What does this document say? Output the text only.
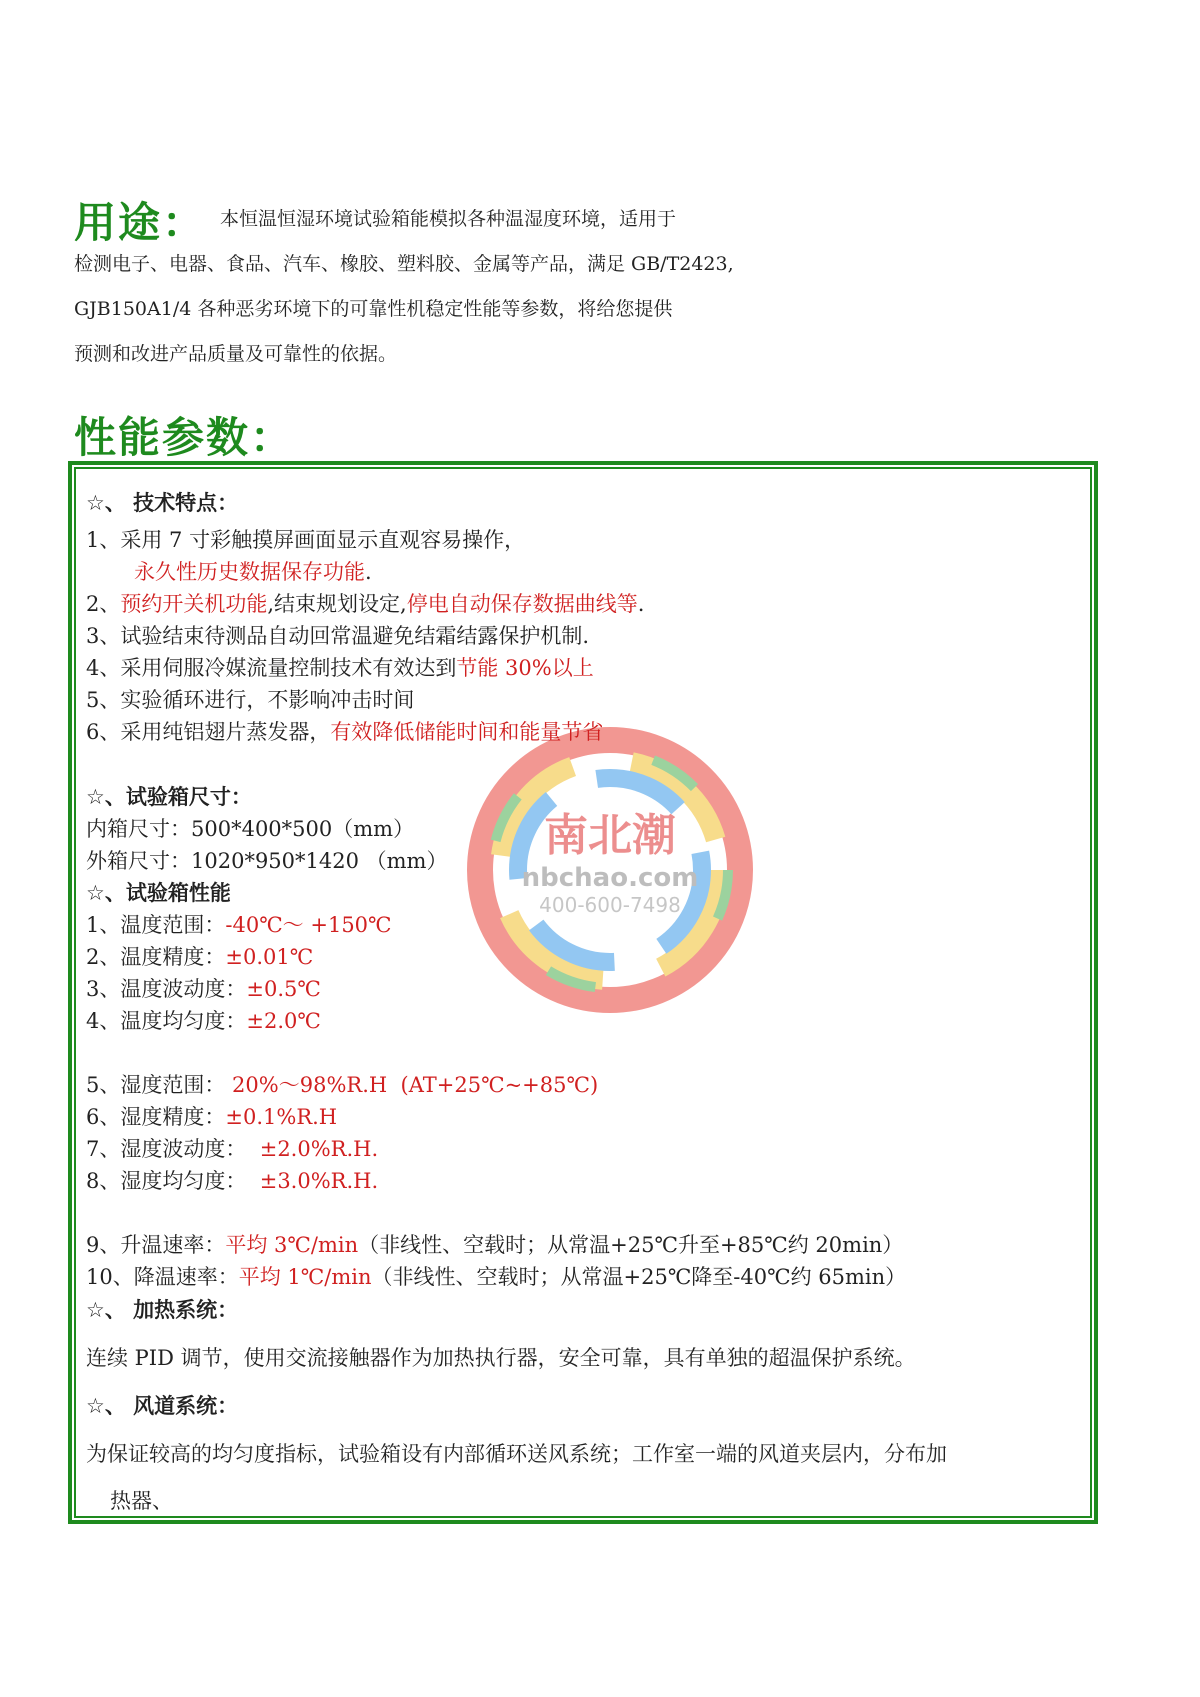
用途： 本恒温恒湿环境试验箱能模拟各种温湿度环境，适用于
检测电子、电器、食品、汽车、橡胶、塑料胶、金属等产品，满足 GB/T2423,
GJB150A1/4 各种恶劣环境下的可靠性机稳定性能等参数，将给您提供
预测和改进产品质量及可靠性的依据。
性能参数：
南北潮
nbchao.com
400-600-7498
☆、 技术特点：
1、采用 7 寸彩触摸屏画面显示直观容易操作，
永久性历史数据保存功能.
2、预约开关机功能,结束规划设定,停电自动保存数据曲线等.
3、试验结束待测品自动回常温避免结霜结露保护机制.
4、采用伺服冷媒流量控制技术有效达到节能 30%以上
5、实验循环进行，不影响冲击时间
6、采用纯铝翅片蒸发器，有效降低储能时间和能量节省
☆、试验箱尺寸：
内箱尺寸：500*400*500（mm）
外箱尺寸：1020*950*1420 （mm）
☆、试验箱性能
1、温度范围：-40℃～ +150℃
2、温度精度：±0.01℃
3、温度波动度：±0.5℃
4、温度均匀度：±2.0℃
5、湿度范围： 20%～98%R.H  (AT+25℃~+85℃)
6、湿度精度：±0.1%R.H
7、湿度波动度：  ±2.0%R.H.
8、湿度均匀度：  ±3.0%R.H.
9、升温速率：平均 3℃/min（非线性、空载时；从常温+25℃升至+85℃约 20min）
10、降温速率：平均 1℃/min（非线性、空载时；从常温+25℃降至-40℃约 65min）
☆、 加热系统：
连续 PID 调节，使用交流接触器作为加热执行器，安全可靠，具有单独的超温保护系统。
☆、 风道系统：
为保证较高的均匀度指标，试验箱设有内部循环送风系统；工作室一端的风道夹层内，分布加
热器、
